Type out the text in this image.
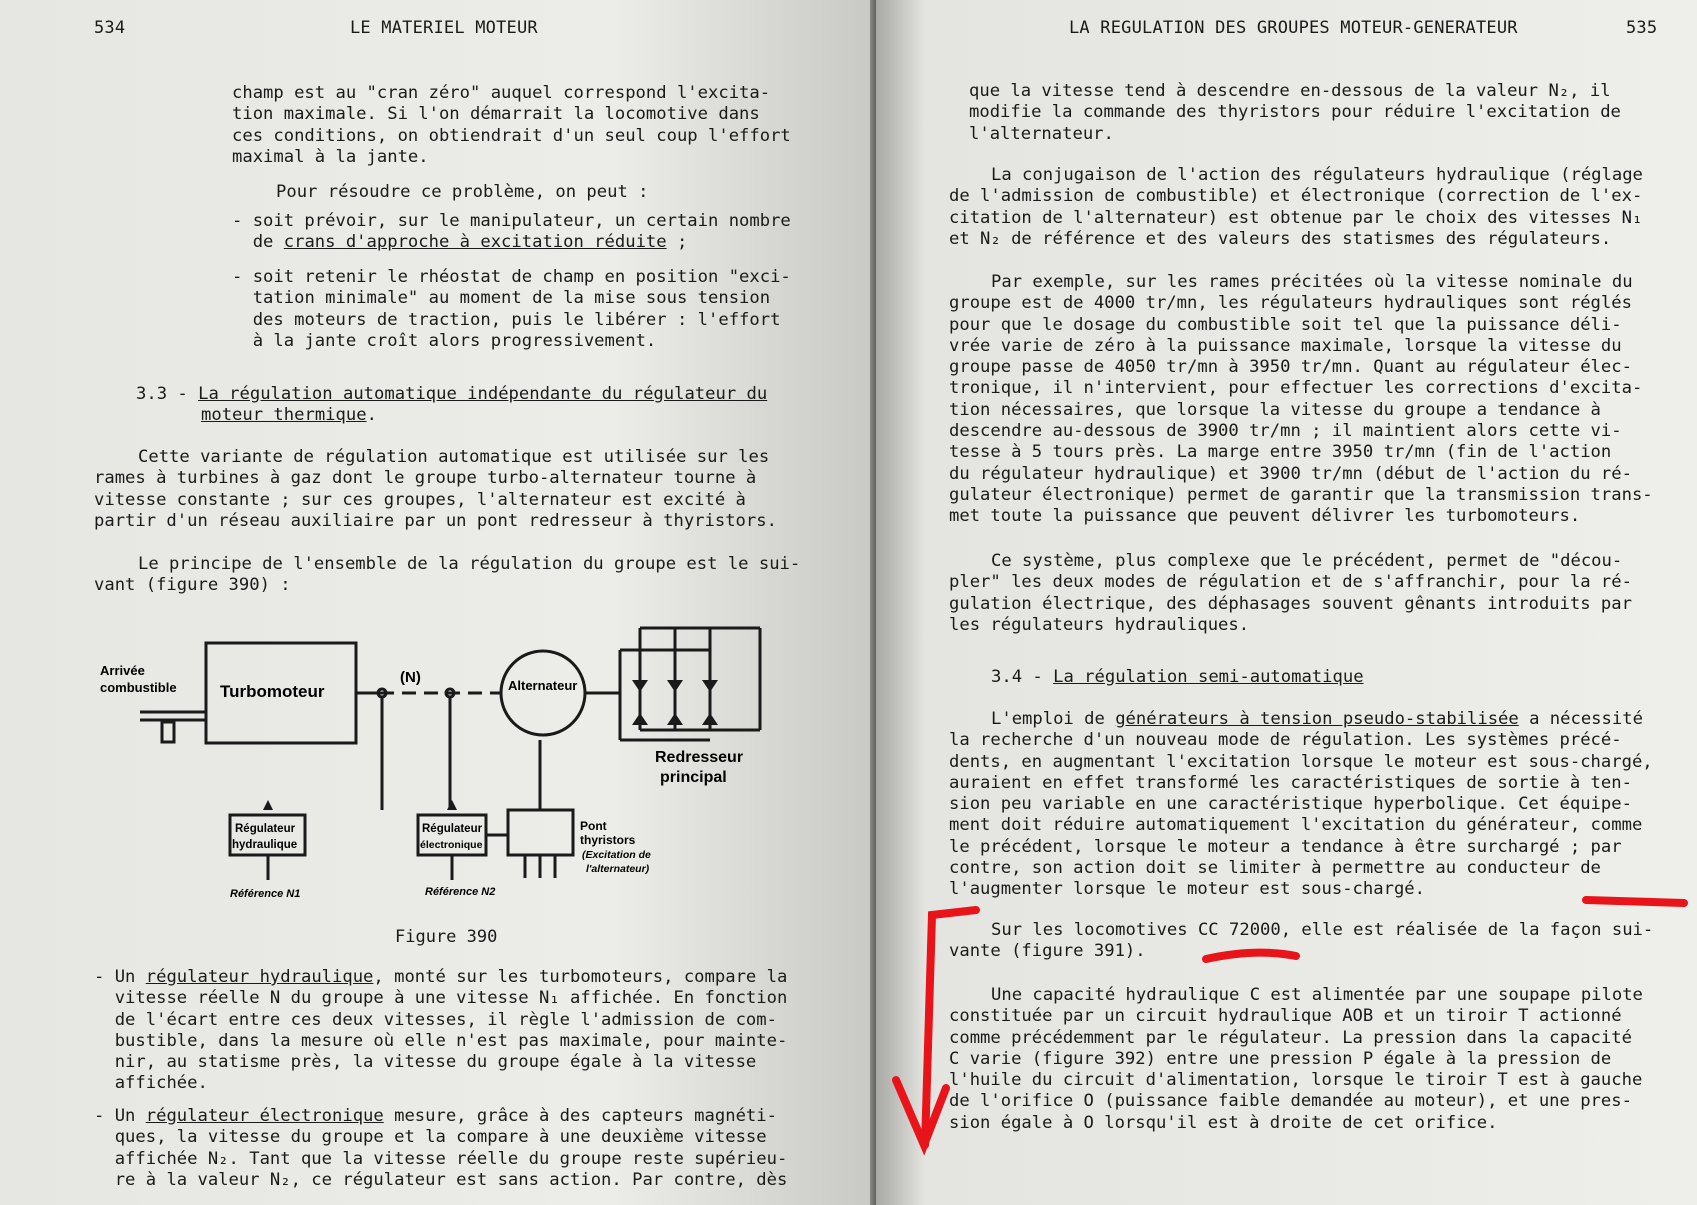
534	LE MATERIEL MOTEUR

champ est au "cran zéro" auquel correspond l'excita-
tion maximale. Si l'on démarrait la locomotive dans
ces conditions, on obtiendrait d'un seul coup l'effort
maximal à la jante.

Pour résoudre ce problème, on peut :

- soit prévoir, sur le manipulateur, un certain nombre
de crans d'approche à excitation réduite ;

- soit retenir le rhéostat de champ en position "exci-
tation minimale" au moment de la mise sous tension
des moteurs de traction, puis le libérer : l'effort
à la jante croît alors progressivement.

3.3 - La régulation automatique indépendante du régulateur du

moteur thermique.

Cette variante de régulation automatique est utilisée sur les
rames à turbines à gaz dont le groupe turbo-alternateur tourne à
vitesse constante ; sur ces groupes, l'alternateur est excité à
partir d'un réseau auxiliaire par un pont redresseur à thyristors.

Le principe de l'ensemble de la régulation du groupe est le sui-
vant (figure 390) :

Arrivée
combustible	Turbomoteur
(N)	Alternateur
Redresseur
principal
Régulateur
hydraulique
Régulateur
électronique
Pont
thyristors
(Excitation de
l'alternateur)
Référence N1	Référence N2
Figure 390

- Un régulateur hydraulique, monté sur les turbomoteurs, compare la
vitesse réelle N du groupe à une vitesse N₁ affichée. En fonction
de l'écart entre ces deux vitesses, il règle l'admission de com-
bustible, dans la mesure où elle n'est pas maximale, pour mainte-
nir, au statisme près, la vitesse du groupe égale à la vitesse
affichée.

- Un régulateur électronique mesure, grâce à des capteurs magnéti-
ques, la vitesse du groupe et la compare à une deuxième vitesse
affichée N₂. Tant que la vitesse réelle du groupe reste supérieu-
re à la valeur N₂, ce régulateur est sans action. Par contre, dès

LA REGULATION DES GROUPES MOTEUR-GENERATEUR	535

que la vitesse tend à descendre en-dessous de la valeur N₂, il
modifie la commande des thyristors pour réduire l'excitation de
l'alternateur.

La conjugaison de l'action des régulateurs hydraulique (réglage
de l'admission de combustible) et électronique (correction de l'ex-
citation de l'alternateur) est obtenue par le choix des vitesses N₁
et N₂ de référence et des valeurs des statismes des régulateurs.

Par exemple, sur les rames précitées où la vitesse nominale du
groupe est de 4000 tr/mn, les régulateurs hydrauliques sont réglés
pour que le dosage du combustible soit tel que la puissance déli-
vrée varie de zéro à la puissance maximale, lorsque la vitesse du
groupe passe de 4050 tr/mn à 3950 tr/mn. Quant au régulateur élec-
tronique, il n'intervient, pour effectuer les corrections d'excita-
tion nécessaires, que lorsque la vitesse du groupe a tendance à
descendre au-dessous de 3900 tr/mn ; il maintient alors cette vi-
tesse à 5 tours près. La marge entre 3950 tr/mn (fin de l'action
du régulateur hydraulique) et 3900 tr/mn (début de l'action du ré-
gulateur électronique) permet de garantir que la transmission trans-
met toute la puissance que peuvent délivrer les turbomoteurs.

Ce système, plus complexe que le précédent, permet de "décou-
pler" les deux modes de régulation et de s'affranchir, pour la ré-
gulation électrique, des déphasages souvent gênants introduits par
les régulateurs hydrauliques.

3.4 - La régulation semi-automatique

L'emploi de générateurs à tension pseudo-stabilisée a nécessité
la recherche d'un nouveau mode de régulation. Les systèmes précé-
dents, en augmentant l'excitation lorsque le moteur est sous-chargé,
auraient en effet transformé les caractéristiques de sortie à ten-
sion peu variable en une caractéristique hyperbolique. Cet équipe-
ment doit réduire automatiquement l'excitation du générateur, comme
le précédent, lorsque le moteur a tendance à être surchargé ; par
contre, son action doit se limiter à permettre au conducteur de
l'augmenter lorsque le moteur est sous-chargé.

Sur les locomotives CC 72000, elle est réalisée de la façon sui-
vante (figure 391).

Une capacité hydraulique C est alimentée par une soupape pilote
constituée par un circuit hydraulique AOB et un tiroir T actionné
comme précédemment par le régulateur. La pression dans la capacité
C varie (figure 392) entre une pression P égale à la pression de
l'huile du circuit d'alimentation, lorsque le tiroir T est à gauche
de l'orifice O (puissance faible demandée au moteur), et une pres-
sion égale à O lorsqu'il est à droite de cet orifice.
